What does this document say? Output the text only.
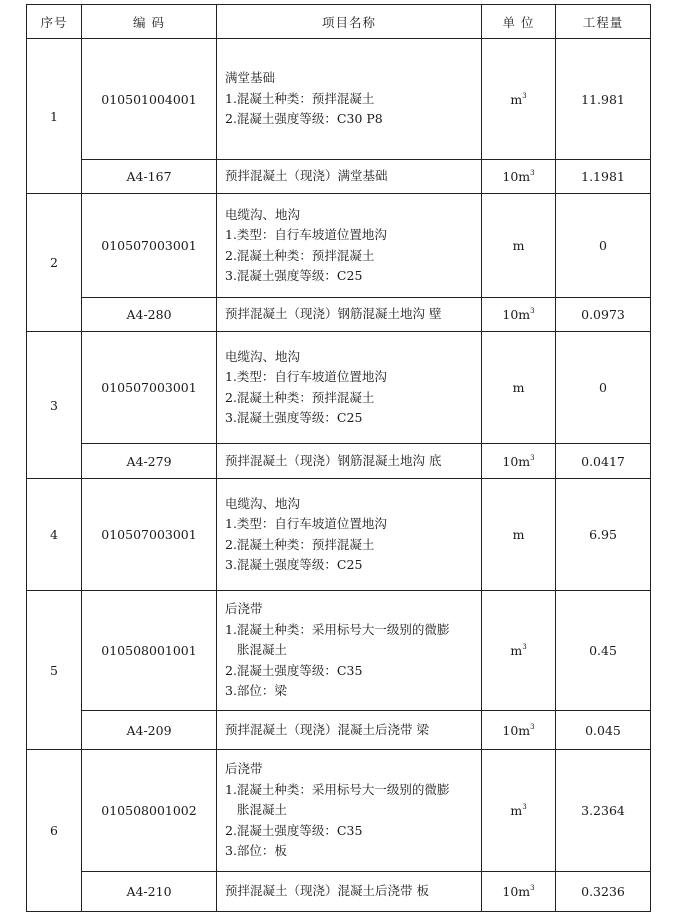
序号	编 码	项目名称	单 位	工程量
1	010501004001	满堂基础
1.混凝土种类：预拌混凝土
2.混凝土强度等级：C30 P8	$m^3$	11.981
	A4-167	预拌混凝土（现浇）满堂基础	$10m^3$	1.1981
2	010507003001	电缆沟、地沟
1.类型：自行车坡道位置地沟
2.混凝土种类：预拌混凝土
3.混凝土强度等级：C25	m	0
	A4-280	预拌混凝土（现浇）钢筋混凝土地沟 壁	$10m^3$	0.0973
3	010507003001	电缆沟、地沟
1.类型：自行车坡道位置地沟
2.混凝土种类：预拌混凝土
3.混凝土强度等级：C25	m	0
	A4-279	预拌混凝土（现浇）钢筋混凝土地沟 底	$10m^3$	0.0417
4	010507003001	电缆沟、地沟
1.类型：自行车坡道位置地沟
2.混凝土种类：预拌混凝土
3.混凝土强度等级：C25	m	6.95
5	010508001001	后浇带
1.混凝土种类：采用标号大一级别的微膨
胀混凝土
2.混凝土强度等级：C35
3.部位：梁	$m^3$	0.45
	A4-209	预拌混凝土（现浇）混凝土后浇带 梁	$10m^3$	0.045
6	010508001002	后浇带
1.混凝土种类：采用标号大一级别的微膨
胀混凝土
2.混凝土强度等级：C35
3.部位：板	$m^3$	3.2364
	A4-210	预拌混凝土（现浇）混凝土后浇带 板	$10m^3$	0.3236
